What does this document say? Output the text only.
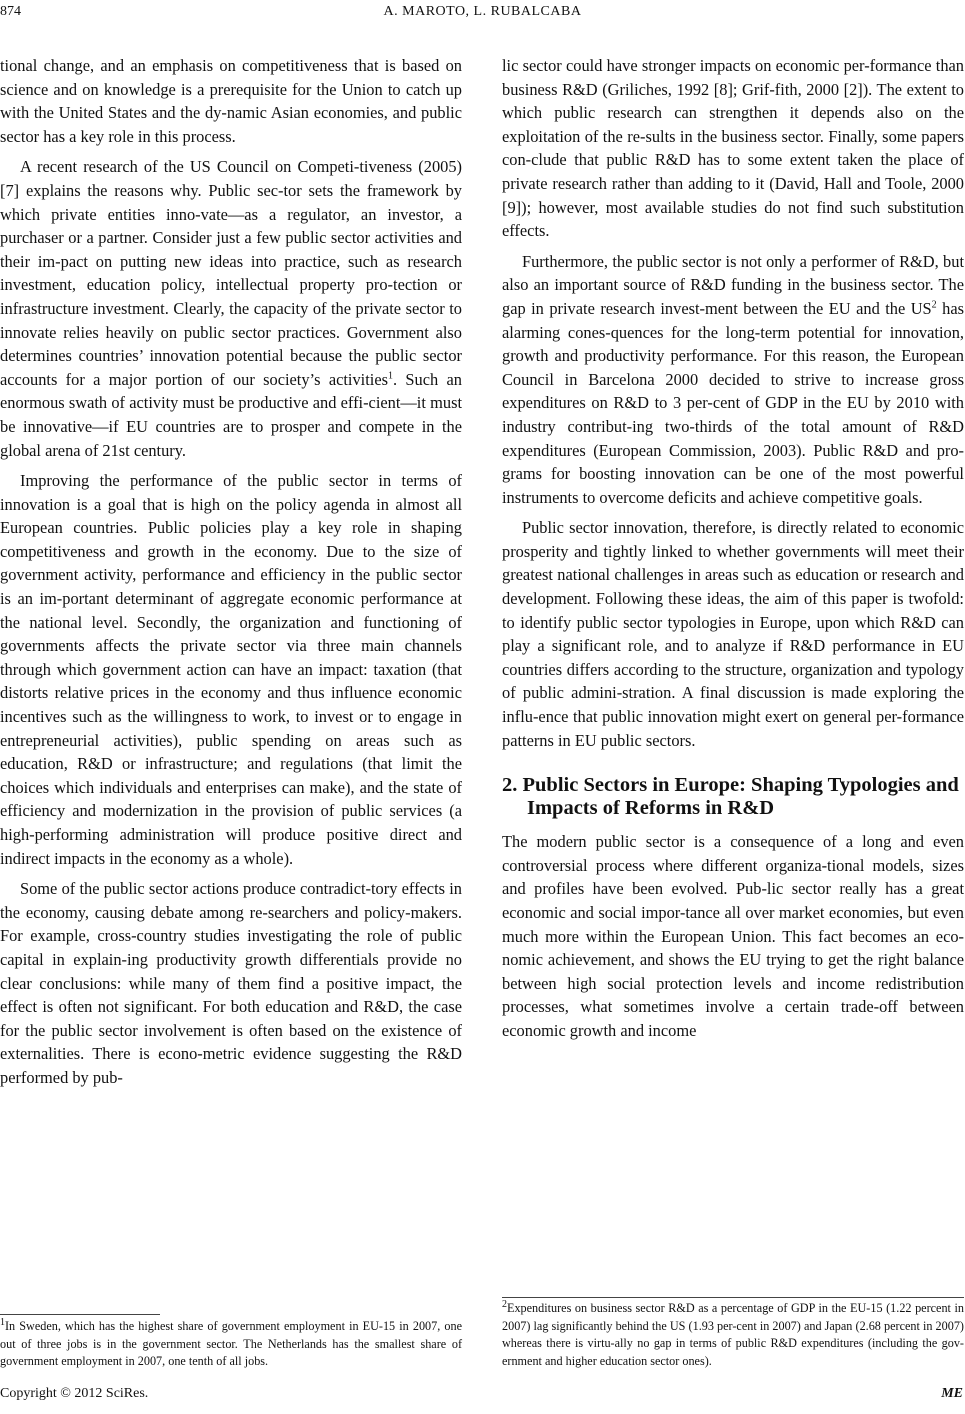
874	A. MAROTO, L. RUBALCABA

tional change, and an emphasis on competitiveness that is based on science and on knowledge is a prerequisite for the Union to catch up with the United States and the dy-namic Asian economies, and public sector has a key role in this process.

A recent research of the US Council on Competi-tiveness (2005) [7] explains the reasons why. Public sec-tor sets the framework by which private entities inno-vate—as a regulator, an investor, a purchaser or a partner. Consider just a few public sector activities and their im-pact on putting new ideas into practice, such as research investment, education policy, intellectual property pro-tection or infrastructure investment. Clearly, the capacity of the private sector to innovate relies heavily on public sector practices. Government also determines countries’ innovation potential because the public sector accounts for a major portion of our society’s activities$^1$. Such an enormous swath of activity must be productive and effi-cient—it must be innovative—if EU countries are to prosper and compete in the global arena of 21st century.

Improving the performance of the public sector in terms of innovation is a goal that is high on the policy agenda in almost all European countries. Public policies play a key role in shaping competitiveness and growth in the economy. Due to the size of government activity, performance and efficiency in the public sector is an im-portant determinant of aggregate economic performance at the national level. Secondly, the organization and functioning of governments affects the private sector via three main channels through which government action can have an impact: taxation (that distorts relative prices in the economy and thus influence economic incentives such as the willingness to work, to invest or to engage in entrepreneurial activities), public spending on areas such as education, R&D or infrastructure; and regulations (that limit the choices which individuals and enterprises can make), and the state of efficiency and modernization in the provision of public services (a high-performing administration will produce positive direct and indirect impacts in the economy as a whole).

Some of the public sector actions produce contradict-tory effects in the economy, causing debate among re-searchers and policy-makers. For example, cross-country studies investigating the role of public capital in explain-ing productivity growth differentials provide no clear conclusions: while many of them find a positive impact, the effect is often not significant. For both education and R&D, the case for the public sector involvement is often based on the existence of externalities. There is econo-metric evidence suggesting the R&D performed by pub-

lic sector could have stronger impacts on economic per-formance than business R&D (Griliches, 1992 [8]; Grif-fith, 2000 [2]). The extent to which public research can strengthen it depends also on the exploitation of the re-sults in the business sector. Finally, some papers con-clude that public R&D has to some extent taken the place of private research rather than adding to it (David, Hall and Toole, 2000 [9]); however, most available studies do not find such substitution effects.

Furthermore, the public sector is not only a performer of R&D, but also an important source of R&D funding in the business sector. The gap in private research invest-ment between the EU and the $US^2$ has alarming cones-quences for the long-term potential for innovation, growth and productivity performance. For this reason, the European Council in Barcelona 2000 decided to strive to increase gross expenditures on R&D to 3 per-cent of GDP in the EU by 2010 with industry contribut-ing two-thirds of the total amount of R&D expenditures (European Commission, 2003). Public R&D and pro-grams for boosting innovation can be one of the most powerful instruments to overcome deficits and achieve competitive goals.

Public sector innovation, therefore, is directly related to economic prosperity and tightly linked to whether governments will meet their greatest national challenges in areas such as education or research and development. Following these ideas, the aim of this paper is twofold: to identify public sector typologies in Europe, upon which R&D can play a significant role, and to analyze if R&D performance in EU countries differs according to the structure, organization and typology of public admini-stration. A final discussion is made exploring the influ-ence that public innovation might exert on general per-formance patterns in EU public sectors.

2. Public Sectors in Europe: Shaping Typologies and Impacts of Reforms in R&D

The modern public sector is a consequence of a long and even controversial process where different organiza-tional models, sizes and profiles have been evolved. Pub-lic sector really has a great economic and social impor-tance all over market economies, but even much more within the European Union. This fact becomes an eco-nomic achievement, and shows the EU trying to get the right balance between high social protection levels and income redistribution processes, what sometimes involve a certain trade-off between economic growth and income

$^1$In Sweden, which has the highest share of government employment in EU-15 in 2007, one out of three jobs is in the government sector. The Netherlands has the smallest share of government employment in 2007, one tenth of all jobs.
$^2$Expenditures on business sector R&D as a percentage of GDP in the EU-15 (1.22 percent in 2007) lag significantly behind the US (1.93 per-cent in 2007) and Japan (2.68 percent in 2007) whereas there is virtu-ally no gap in terms of public R&D expenditures (including the gov-ernment and higher education sector ones).
Copyright © 2012 SciRes.	ME
